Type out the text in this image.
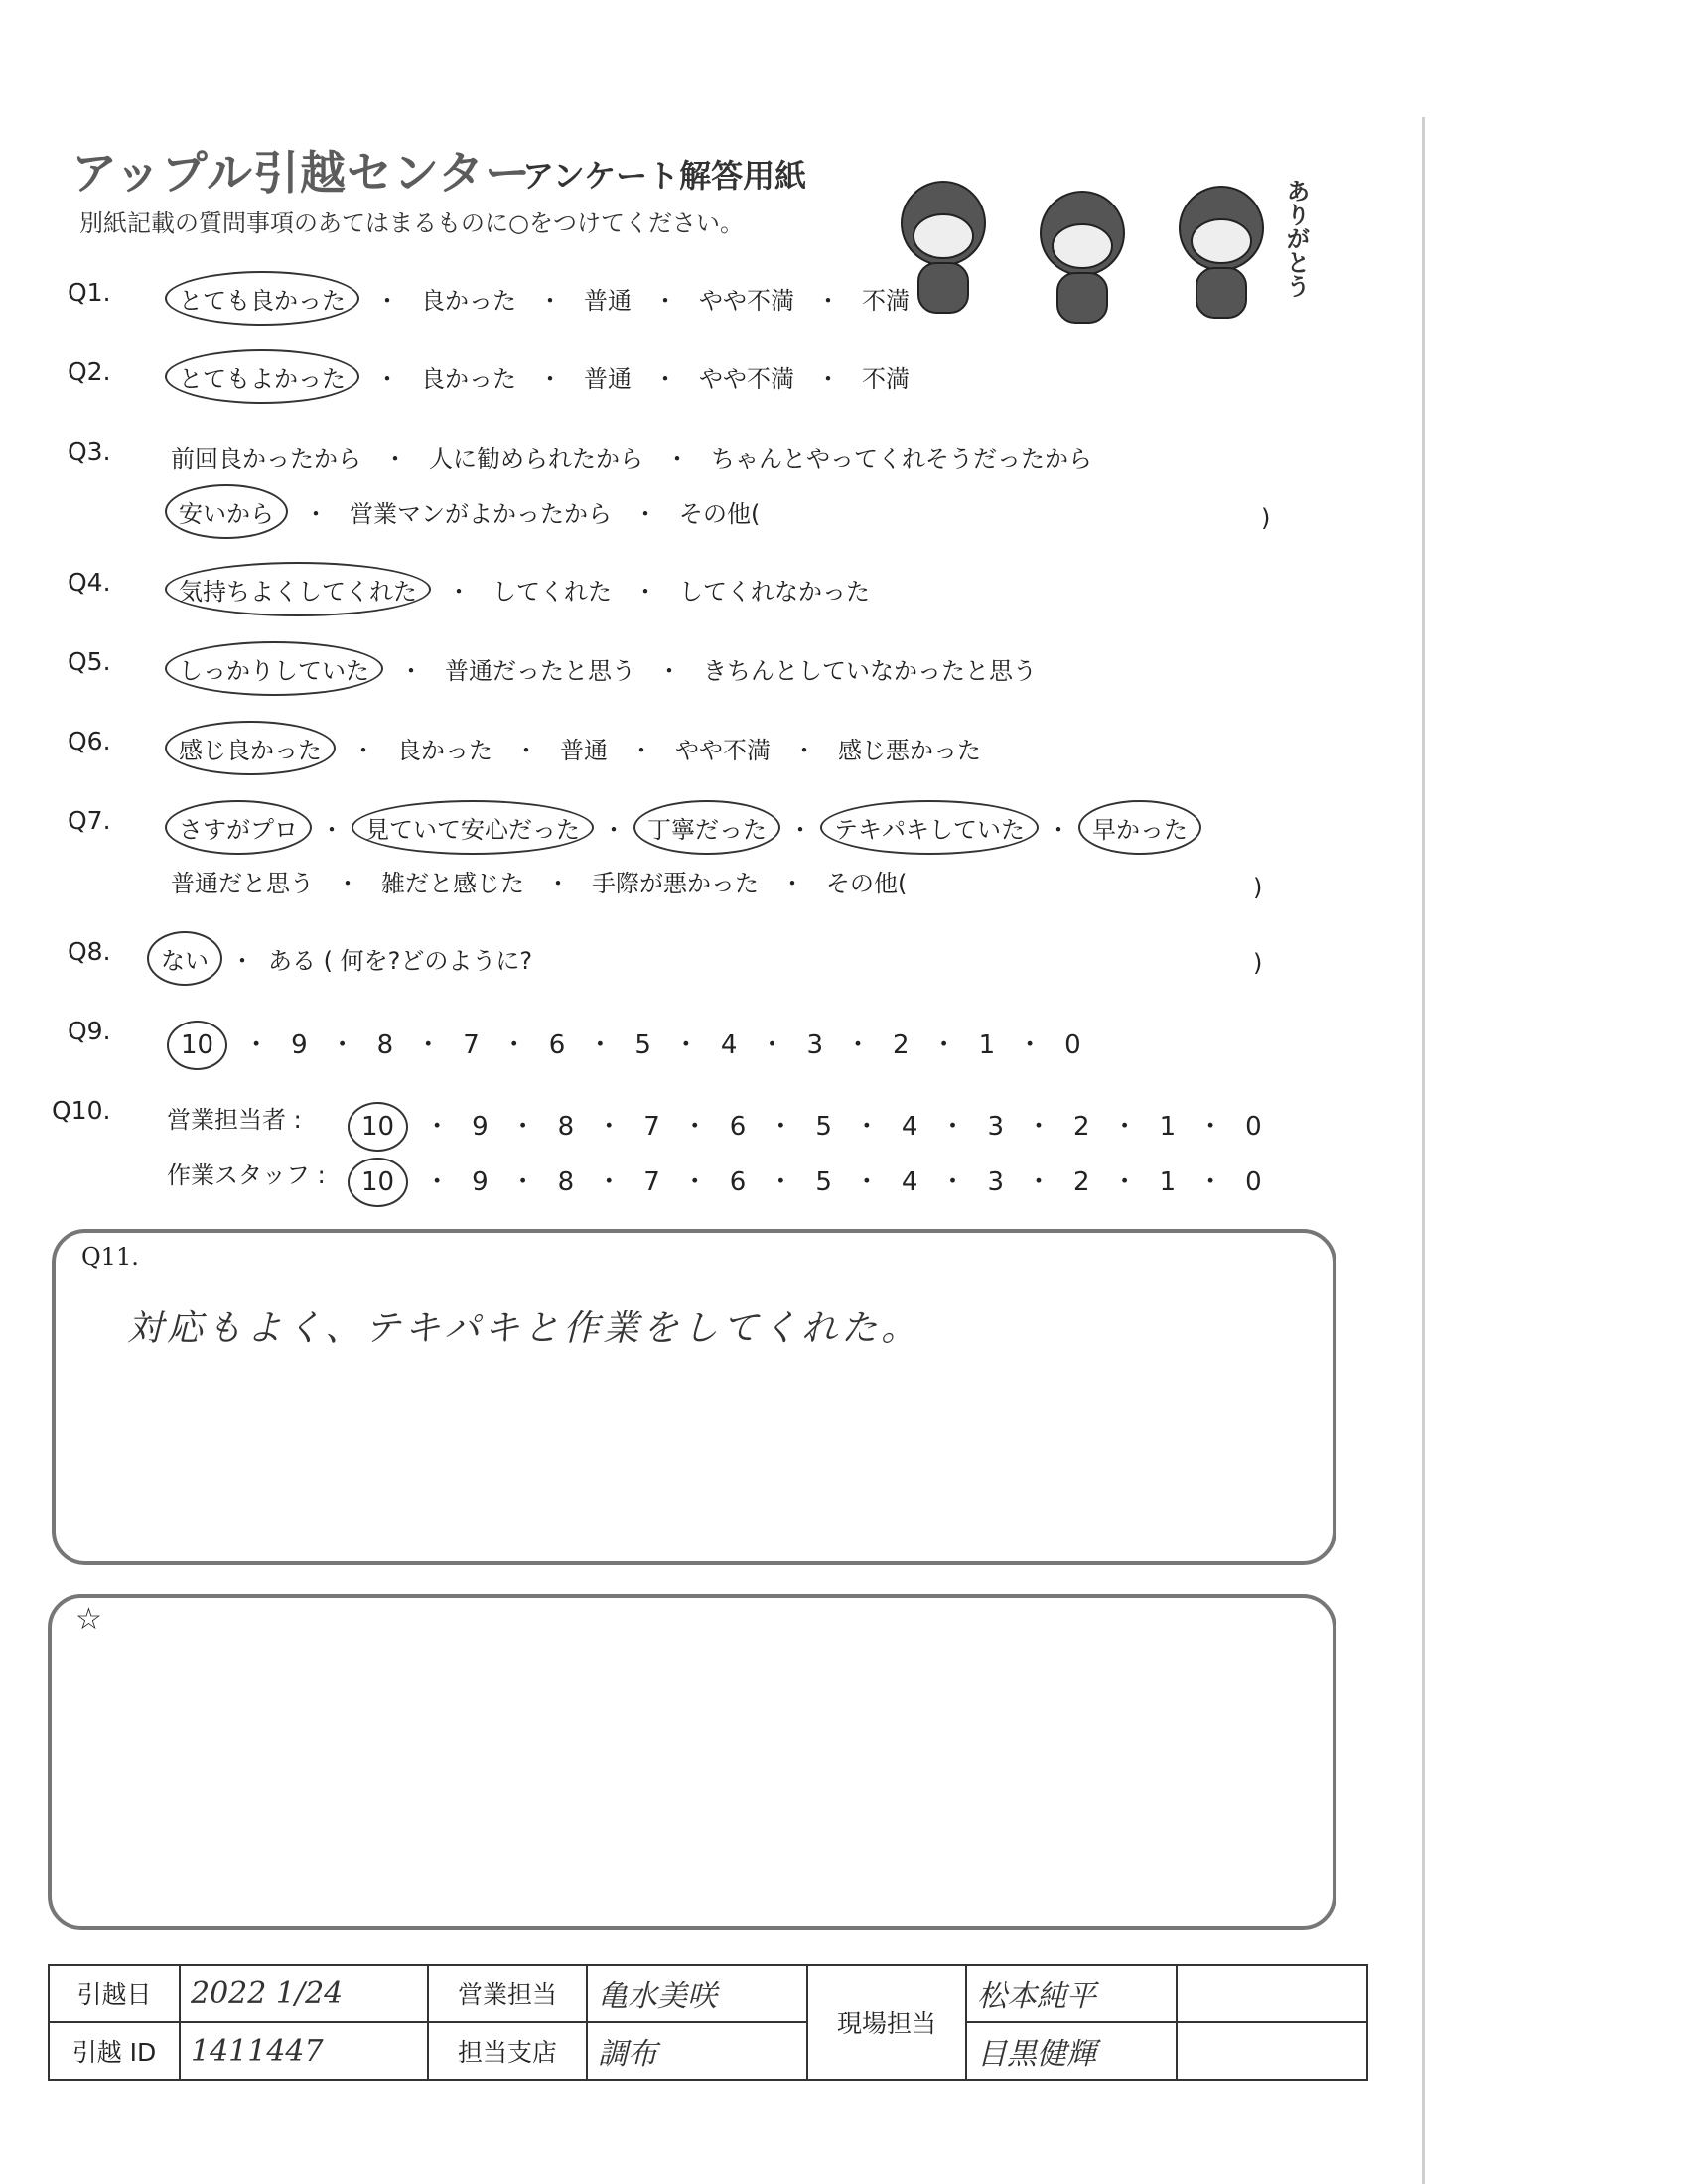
アップル引越センター
アンケート解答用紙
別紙記載の質問事項のあてはまるものに○をつけてください。	ありがとう
Q1.	とても良かった ・ 良かった ・ 普通 ・ やや不満 ・ 不満
Q2.	とてもよかった ・ 良かった ・ 普通 ・ やや不満 ・ 不満
Q3.	前回良かったから ・ 人に勧められたから ・ ちゃんとやってくれそうだったから
安いから ・ 営業マンがよかったから ・ その他(	)
Q4.	気持ちよくしてくれた ・ してくれた ・ してくれなかった
Q5.	しっかりしていた ・ 普通だったと思う ・ きちんとしていなかったと思う
Q6.	感じ良かった ・ 良かった ・ 普通 ・ やや不満 ・ 感じ悪かった
Q7.	さすがプロ ・ 見ていて安心だった ・ 丁寧だった ・ テキパキしていた ・ 早かった
普通だと思う ・ 雑だと感じた ・ 手際が悪かった ・ その他(	)
Q8.	ない ・ ある ( 何を?どのように?	)
Q9.	10 ・ 9 ・ 8 ・ 7 ・ 6 ・ 5 ・ 4 ・ 3 ・ 2 ・ 1 ・ 0
Q10. 営業担当者 :	10 ・ 9 ・ 8 ・ 7 ・ 6 ・ 5 ・ 4 ・ 3 ・ 2 ・ 1 ・ 0
作業スタッフ :	10 ・ 9 ・ 8 ・ 7 ・ 6 ・ 5 ・ 4 ・ 3 ・ 2 ・ 1 ・ 0
Q11.
対応もよく、テキパキと作業をしてくれた。
☆
引越日	2022 1/24	営業担当	亀水美咲	現場担当	松本純平	
引越 ID	1411447	担当支店	調布		目黒健輝	
